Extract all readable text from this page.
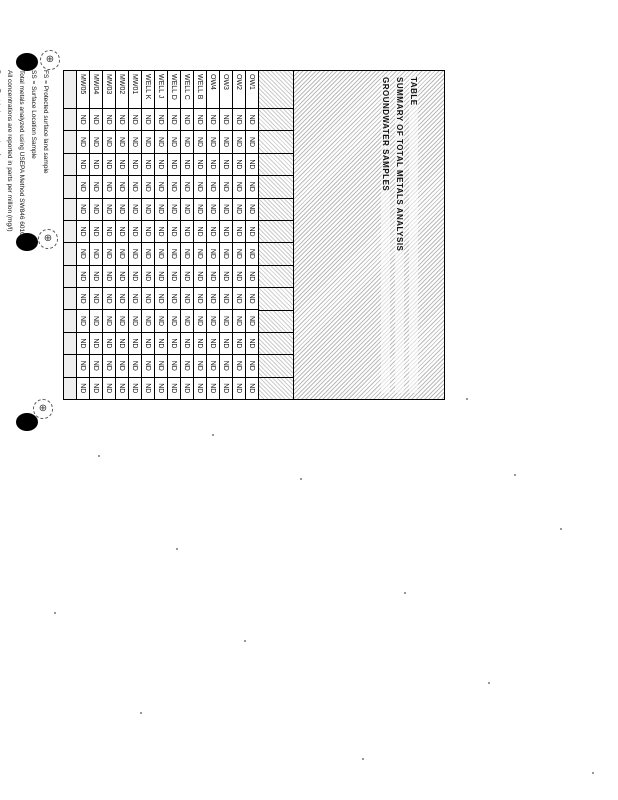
⊕
⊕
⊕
TABLE
SUMMARY OF TOTAL METALS ANALYSIS
GROUNDWATER SAMPLES
OW1	ND	ND	ND	ND	ND	ND	ND	ND	ND	ND	ND	ND	ND
OW2	ND	ND	ND	ND	ND	ND	ND	ND	ND	ND	ND	ND	ND
OW3	ND	ND	ND	ND	ND	ND	ND	ND	ND	ND	ND	ND	ND
OW4	ND	ND	ND	ND	ND	ND	ND	ND	ND	ND	ND	ND	ND
WELL B	ND	ND	ND	ND	ND	ND	ND	ND	ND	ND	ND	ND	ND
WELL C	ND	ND	ND	ND	ND	ND	ND	ND	ND	ND	ND	ND	ND
WELL D	ND	ND	ND	ND	ND	ND	ND	ND	ND	ND	ND	ND	ND
WELL J	ND	ND	ND	ND	ND	ND	ND	ND	ND	ND	ND	ND	ND
WELL K	ND	ND	ND	ND	ND	ND	ND	ND	ND	ND	ND	ND	ND
MW01	ND	ND	ND	ND	ND	ND	ND	ND	ND	ND	ND	ND	ND
MW02	ND	ND	ND	ND	ND	ND	ND	ND	ND	ND	ND	ND	ND
MW03	ND	ND	ND	ND	ND	ND	ND	ND	ND	ND	ND	ND	ND
MW04	ND	ND	ND	ND	ND	ND	ND	ND	ND	ND	ND	ND	ND
MW05	ND	ND	ND	ND	ND	ND	ND	ND	ND	ND	ND	ND	ND

FS = Protected surface land sample

SS = Surface Location Sample

Total metals analyzed using USEPA Method SW846 6010

All concentrations are reported in parts per million (mg/l)
